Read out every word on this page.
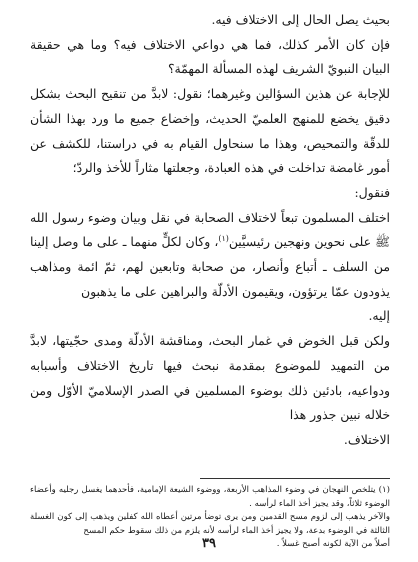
بحيث يصل الحال إلى الاختلاف فيه.

فإن كان الأمر كذلك، فما هي دواعي الاختلاف فيه؟ وما هي حقيقة البيان النبويّ الشريف لهذه المسألة المهمّة؟

للإجابة عن هذين السؤالين وغيرهما؛ نقول: لابدَّ من تنقيح البحث بشكل دقيق يخضع للمنهج العلميّ الحديث، وإخضاع جميع ما ورد بهذا الشأن للدقّة والتمحيص، وهذا ما سنحاول القيام به في دراستنا، للكشف عن أمور غامضة تداخلت في هذه العبادة، وجعلتها مثاراً للأخذ والردّ؛
فنقول:

اختلف المسلمون تبعاً لاختلاف الصحابة في نقل وبيان وضوء رسول الله ﷺ على نحوين ونهجين رئيسيَّين$^{(١)}$، وكان لكلٍّ منهما ـ على ما وصل إلينا من السلف ـ أتباع وأنصار، من صحابة وتابعين لهم، ثمّ ائمة ومذاهب يذودون عمّا يرتؤون، ويقيمون الأدلّة والبراهين على ما يذهبون
إليه.

ولكن قبل الخوض في غمار البحث، ومناقشة الأدلّة ومدى حجّيتها، لابدَّ من التمهيد للموضوع بمقدمة نبحث فيها تاريخ الاختلاف وأسبابه ودواعيه، بادئين ذلك بوضوء المسلمين في الصدر الإسلاميّ الأوّل ومن خلاله نبين جذور هذا
الاختلاف.

(١) يتلخص النهجان في وضوء المذاهب الأربعة، ووضوء الشيعة الإمامية، فأحدهما يغسل رجليه وأعضاء الوضوء ثلاثاً، وقد يجيز أخذ الماء لرأسه .

والآخر يذهب إلى لزوم مسح القدمين ومن يرى توضأ مرتين أعطاه الله كفلين ويذهب إلى كون الغسلة الثالثة في الوضوء بدعة، ولا يجيز أخذ الماء لرأسه لأنه يلزم من ذلك سقوط حكم المسح
أصلاً من الآية لكونه أصبح غسلاً .

٣٩
